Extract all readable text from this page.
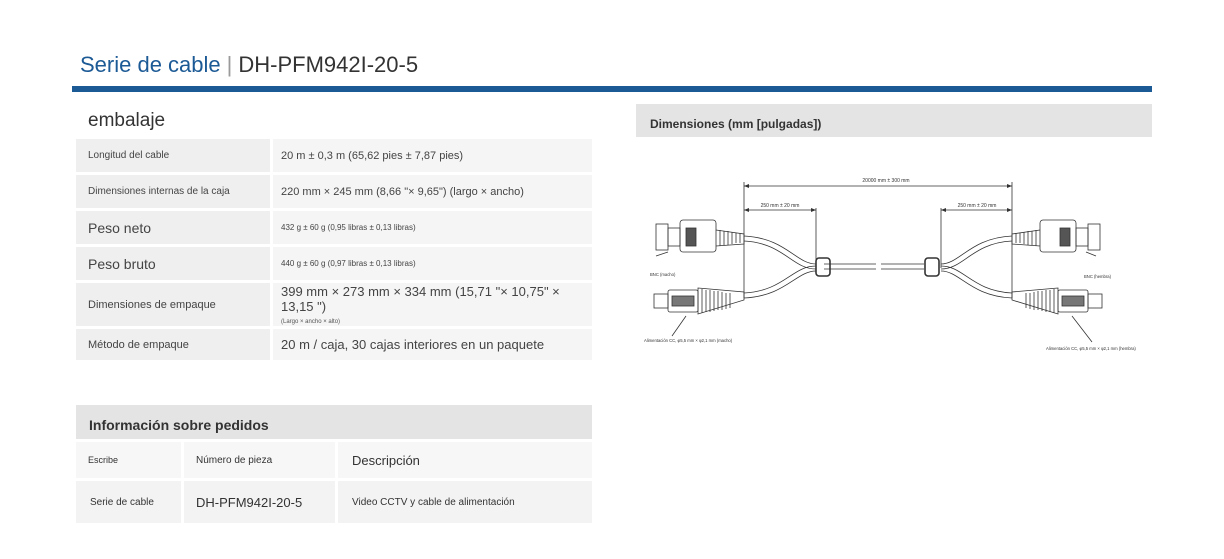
Serie de cable | DH-PFM942I-20-5
embalaje
Longitud del cable	20 m ± 0,3 m (65,62 pies ± 7,87 pies)
Dimensiones internas de la caja	220 mm × 245 mm (8,66 "× 9,65") (largo × ancho)
Peso neto	432 g ± 60 g (0,95 libras ± 0,13 libras)
Peso bruto	440 g ± 60 g (0,97 libras ± 0,13 libras)
Dimensiones de empaque	399 mm × 273 mm × 334 mm (15,71 "× 10,75" × 13,15 ")
(Largo × ancho × alto)

Método de empaque	20 m / caja, 30 cajas interiores en un paquete
Información sobre pedidos
Escribe	Número de pieza	Descripción
Serie de cable	DH-PFM942I-20-5	Video CCTV y cable de alimentación
Dimensiones (mm [pulgadas])
20000 mm ± 300 mm
250 mm ± 20 mm	250 mm ± 20 mm
BNC (macho)	BNC (hembra)
Alimentación CC, φ5,5 mm × φ2,1 mm (macho)
Alimentación CC, φ5,5 mm × φ2,1 mm (hembra)
